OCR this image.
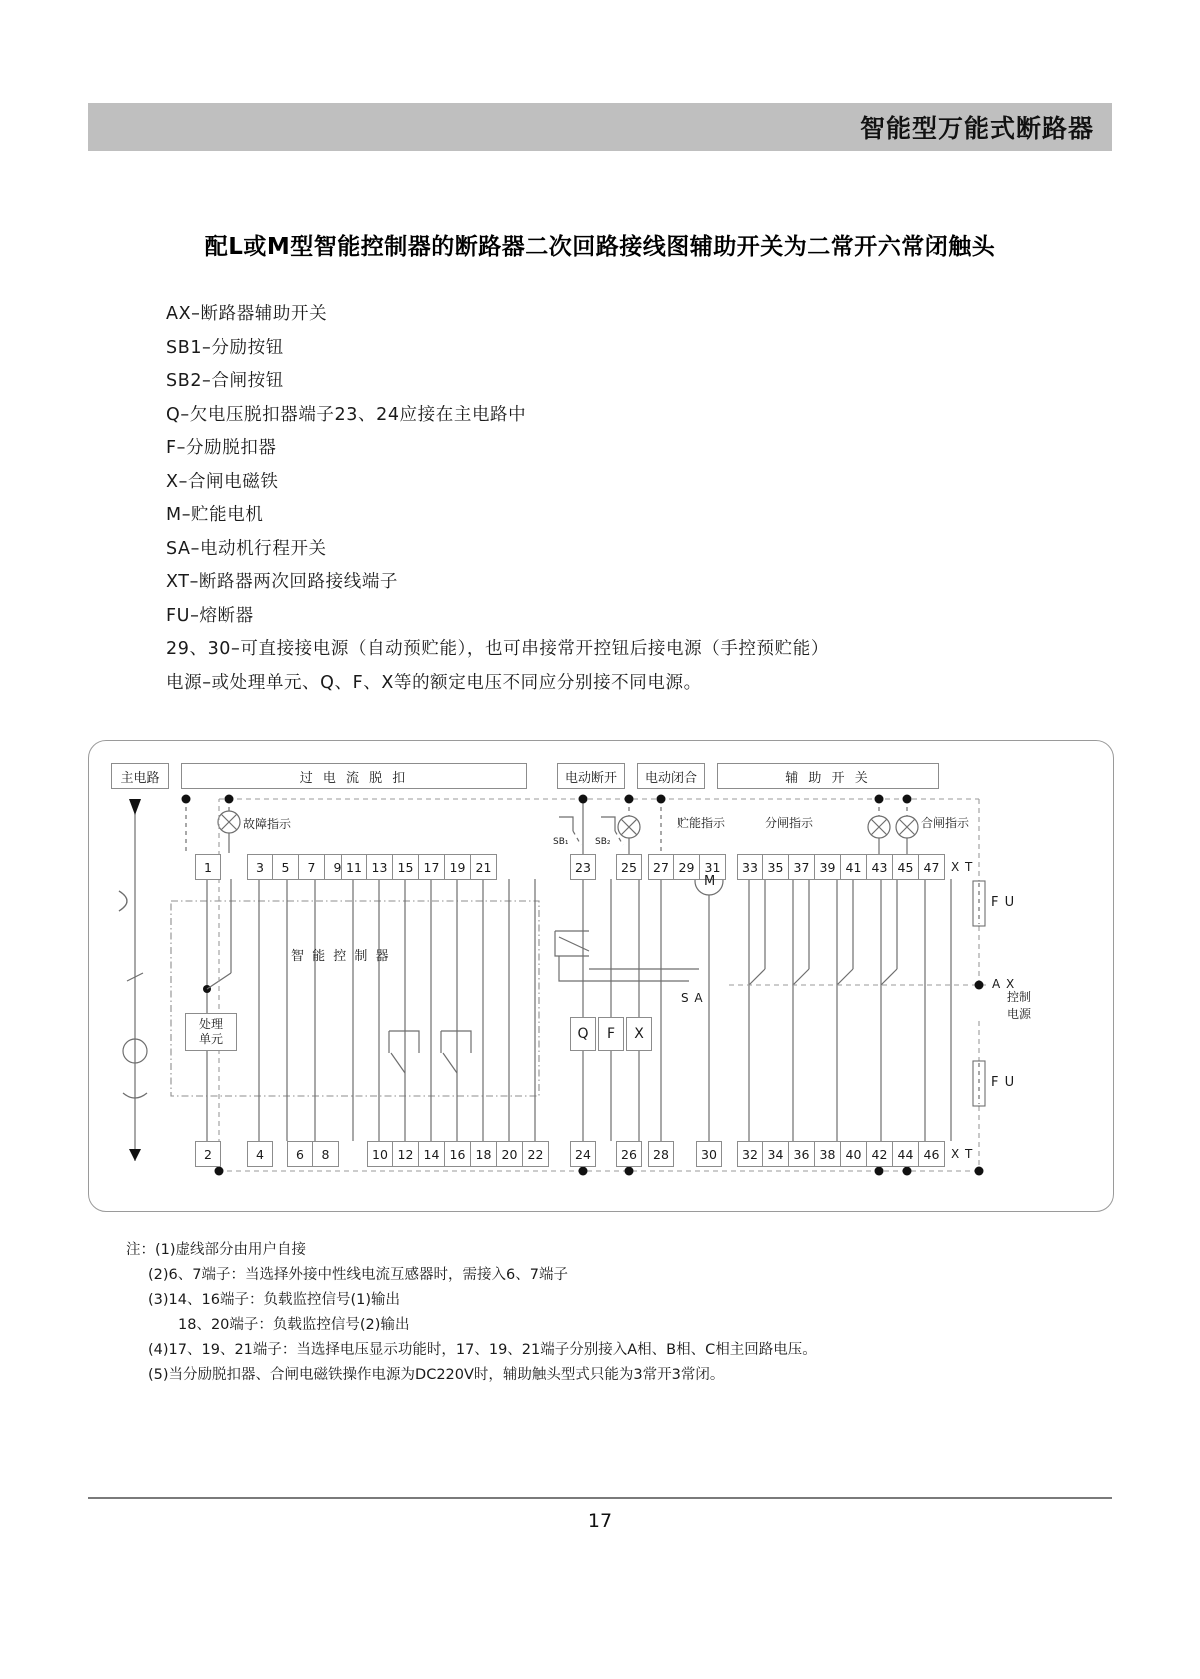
智能型万能式断路器
配L或M型智能控制器的断路器二次回路接线图辅助开关为二常开六常闭触头
AX–断路器辅助开关
SB1–分励按钮
SB2–合闸按钮
Q–欠电压脱扣器端子23、24应接在主电路中
F–分励脱扣器
X–合闸电磁铁
M–贮能电机
SA–电动机行程开关
XT–断路器两次回路接线端子
FU–熔断器
29、30–可直接接电源（自动预贮能），也可串接常开控钮后接电源（手控预贮能）
电源–或处理单元、Q、F、X等的额定电压不同应分别接不同电源。
主电路	过 电 流 脱 扣	电动断开	电动闭合	辅 助 开 关
故障指示	贮能指示	分闸指示	合闸指示
SB₁	SB₂
1	3	5	7	9 11 13 15 17 19 21	23	25	27 29 31	33 35 37 39 41 43 45 47 X T
智 能 控 制 器
处理
单元
M
Q	F	X
S A
A X
F U
F U
控制
电源
2	4	6	8	10 12 14 16 18 20 22	24	26	28	30	32 34 36 38 40 42 44 46 X T
注：(1)虚线部分由用户自接
(2)6、7端子：当选择外接中性线电流互感器时，需接入6、7端子
(3)14、16端子：负载监控信号(1)输出
18、20端子：负载监控信号(2)输出
(4)17、19、21端子：当选择电压显示功能时，17、19、21端子分别接入A相、B相、C相主回路电压。
(5)当分励脱扣器、合闸电磁铁操作电源为DC220V时，辅助触头型式只能为3常开3常闭。
17
